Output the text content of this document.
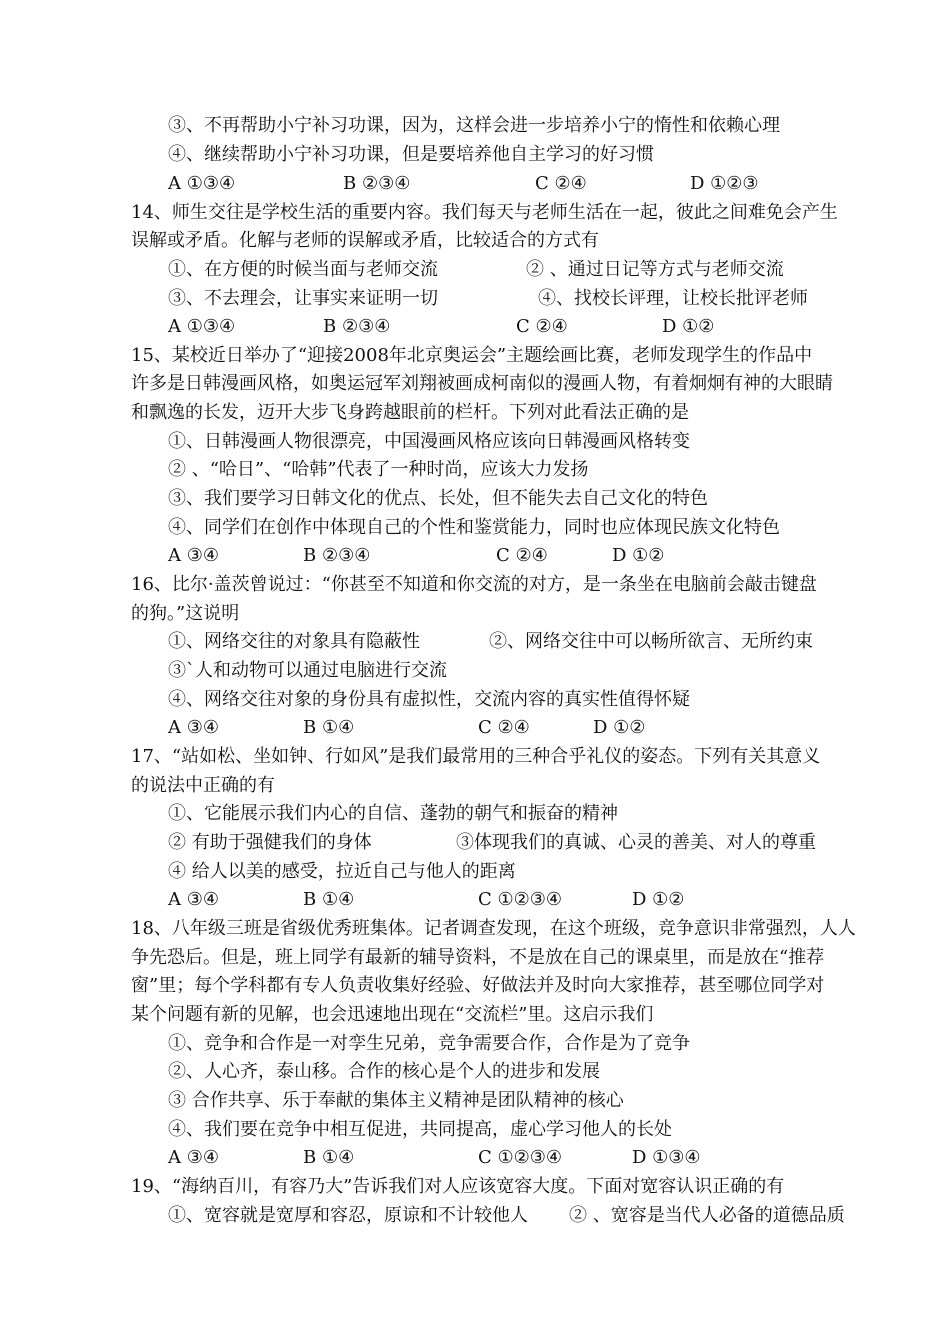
③、不再帮助小宁补习功课，因为，这样会进一步培养小宁的惰性和依赖心理
④、继续帮助小宁补习功课，但是要培养他自主学习的好习惯
A ①③④	B ②③④	C ②④	D ①②③
14、师生交往是学校生活的重要内容。我们每天与老师生活在一起，彼此之间难免会产生
误解或矛盾。化解与老师的误解或矛盾，比较适合的方式有
①、在方便的时候当面与老师交流	② 、通过日记等方式与老师交流
③、不去理会，让事实来证明一切	④、找校长评理，让校长批评老师
A ①③④	B ②③④	C ②④	D ①②
15、某校近日举办了“迎接2008年北京奥运会”主题绘画比赛，老师发现学生的作品中
许多是日韩漫画风格，如奥运冠军刘翔被画成柯南似的漫画人物，有着炯炯有神的大眼睛
和飘逸的长发，迈开大步飞身跨越眼前的栏杆。下列对此看法正确的是
①、日韩漫画人物很漂亮，中国漫画风格应该向日韩漫画风格转变
② 、“哈日”、“哈韩”代表了一种时尚，应该大力发扬
③、我们要学习日韩文化的优点、长处，但不能失去自己文化的特色
④、同学们在创作中体现自己的个性和鉴赏能力，同时也应体现民族文化特色
A ③④	B ②③④	C ②④	D ①②
16、比尔·盖茨曾说过：“你甚至不知道和你交流的对方，是一条坐在电脑前会敲击键盘
的狗。”这说明
①、网络交往的对象具有隐蔽性	②、网络交往中可以畅所欲言、无所约束
③`人和动物可以通过电脑进行交流
④、网络交往对象的身份具有虚拟性，交流内容的真实性值得怀疑
A ③④	B ①④	C ②④	D ①②
17、“站如松、坐如钟、行如风”是我们最常用的三种合乎礼仪的姿态。下列有关其意义
的说法中正确的有
①、它能展示我们内心的自信、蓬勃的朝气和振奋的精神
② 有助于强健我们的身体	③体现我们的真诚、心灵的善美、对人的尊重
④ 给人以美的感受，拉近自己与他人的距离
A ③④	B ①④	C ①②③④	D ①②
18、八年级三班是省级优秀班集体。记者调查发现，在这个班级，竞争意识非常强烈，人人
争先恐后。但是，班上同学有最新的辅导资料，不是放在自己的课桌里，而是放在“推荐
窗”里；每个学科都有专人负责收集好经验、好做法并及时向大家推荐，甚至哪位同学对
某个问题有新的见解，也会迅速地出现在“交流栏”里。这启示我们
①、竞争和合作是一对孪生兄弟，竞争需要合作，合作是为了竞争
②、人心齐，泰山移。合作的核心是个人的进步和发展
③ 合作共享、乐于奉献的集体主义精神是团队精神的核心
④、我们要在竞争中相互促进，共同提高，虚心学习他人的长处
A ③④	B ①④	C ①②③④	D ①③④
19、“海纳百川，有容乃大”告诉我们对人应该宽容大度。下面对宽容认识正确的有
①、宽容就是宽厚和容忍，原谅和不计较他人 ② 、宽容是当代人必备的道德品质
